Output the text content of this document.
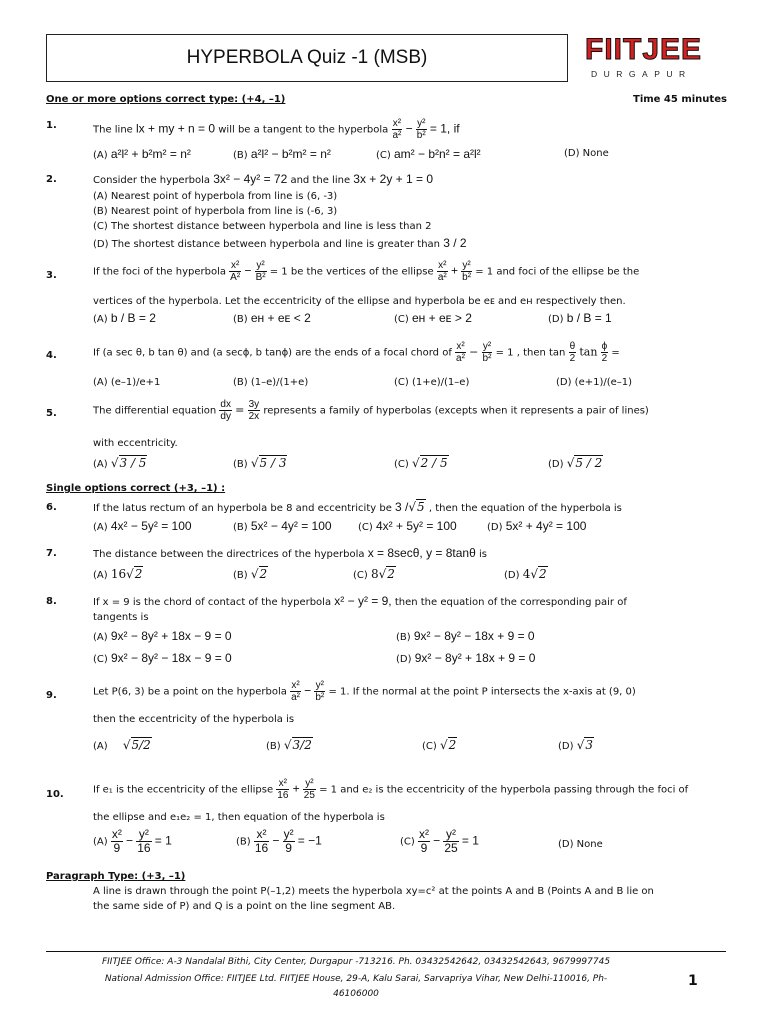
HYPERBOLA Quiz -1 (MSB)	FIITJEE
DURGAPUR
One or more options correct type: (+4, –1)	Time 45 minutes
1.	The line lx + my + n = 0 will be a tangent to the hyperbola $\frac{\text{x²}}{\text{a²}} - \frac{\text{y²}}{\text{b²}} = 1$, if
(A) a²l² + b²m² = n²	(B) a²l² − b²m² = n²	(C) am² − b²n² = a²l²	(D) None
2.	Consider the hyperbola 3x² − 4y² = 72 and the line 3x + 2y + 1 = 0
(A) Nearest point of hyperbola from line is (6, -3)
(B) Nearest point of hyperbola from line is (-6, 3)
(C) The shortest distance between hyperbola and line is less than 2
(D) The shortest distance between hyperbola and line is greater than 3 / 2
3.	If the foci of the hyperbola $\frac{\text{x²}}{\text{A²}} - \frac{\text{y²}}{\text{B²}} = 1$ be the vertices of the ellipse $\frac{\text{x²}}{\text{a²}} + \frac{\text{y²}}{\text{b²}} = 1$ and foci of the ellipse be the
vertices of the hyperbola. Let the eccentricity of the ellipse and hyperbola be eᴇ and eʜ respectively then.
(A) b / B = 2	(B) eʜ + eᴇ < 2	(C) eʜ + eᴇ > 2	(D) b / B = 1
4.	If (a sec θ, b tan θ) and (a secϕ, b tanϕ) are the ends of a focal chord of $\frac{\text{x²}}{\text{a²}} - \frac{\text{y²}}{\text{b²}} = 1$ , then $\tan \frac{\theta}{2}$ $\tan \frac{\phi}{2}$ =
(A) (e–1)/e+1	(B) (1–e)/(1+e)	(C) (1+e)/(1–e)	(D) (e+1)/(e–1)
5.	The differential equation $\frac{dx}{dy} = \frac{3y}{2x}$ represents a family of hyperbolas (excepts when it represents a pair of lines)
with eccentricity.
(A) √3 / 5	(B) √5 / 3	(C) √2 / 5	(D) √5 / 2
Single options correct (+3, –1) :
6.	If the latus rectum of an hyperbola be 8 and eccentricity be 3 /√5 , then the equation of the hyperbola is
(A) 4x² − 5y² = 100	(B) 5x² − 4y² = 100	(C) 4x² + 5y² = 100	(D) 5x² + 4y² = 100
7.	The distance between the directrices of the hyperbola x = 8secθ, y = 8tanθ is
(A) 16√2	(B) √2	(C) 8√2	(D) 4√2
8.	If x = 9 is the chord of contact of the hyperbola x² − y² = 9, then the equation of the corresponding pair of
tangents is
(A) 9x² − 8y² + 18x − 9 = 0	(B) 9x² − 8y² − 18x + 9 = 0
(C) 9x² − 8y² − 18x − 9 = 0	(D) 9x² − 8y² + 18x + 9 = 0
9.	Let P(6, 3) be a point on the hyperbola $\frac{\text{x²}}{\text{a²}} - \frac{\text{y²}}{\text{b²}} = 1$. If the normal at the point P intersects the x-axis at (9, 0)
then the eccentricity of the hyperbola is
(A) √5/2	(B) √3/2	(C) √2	(D) √3
10.	If e₁ is the eccentricity of the ellipse $\frac{\text{x²}}{16} + \frac{\text{y²}}{25} = 1$ and e₂ is the eccentricity of the hyperbola passing through the foci of
the ellipse and e₁e₂ = 1, then equation of the hyperbola is
$(A) \frac{\text{x²}}{9} - \frac{\text{y²}}{16} = 1$	$(B) \frac{\text{x²}}{16} - \frac{\text{y²}}{9} = -1$	$(C) \frac{\text{x²}}{9} - \frac{\text{y²}}{25} = 1$	(D) None
Paragraph Type: (+3, –1)
A line is drawn through the point P(–1,2) meets the hyperbola xy=c² at the points A and B (Points A and B lie on
the same side of P) and Q is a point on the line segment AB.
FIITJEE Office: A-3 Nandalal Bithi, City Center, Durgapur -713216. Ph. 03432542642, 03432542643, 9679997745
National Admission Office: FIITJEE Ltd. FIITJEE House, 29-A, Kalu Sarai, Sarvapriya Vihar, New Delhi-110016, Ph-
46106000
1
